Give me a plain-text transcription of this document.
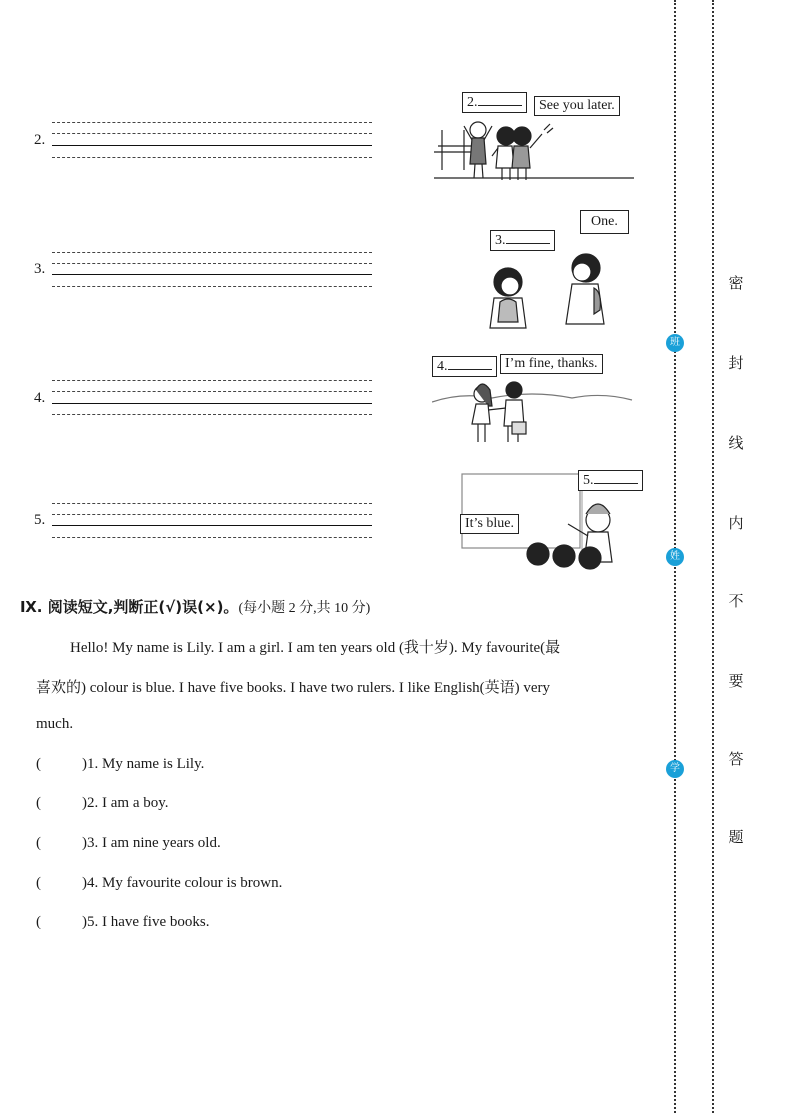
2.
3.
4.
5.
2.	See you later.
3.
One.
4.	I’m fine, thanks.
5.
It’s blue.
Ⅸ. 阅读短文,判断正(√)误(×)。(每小题 2 分,共 10 分)
Hello! My name is Lily. I am a girl. I am ten years old (我十岁). My favourite(最
喜欢的) colour is blue. I have five books. I have two rulers. I like English(英语) very
much.
(	)1. My name is Lily.
(	)2. I am a boy.
(	)3. I am nine years old.
(	)4. My favourite colour is brown.
(	)5. I have five books.
班
姓
学
密
封
线
内
不
要
答
题
